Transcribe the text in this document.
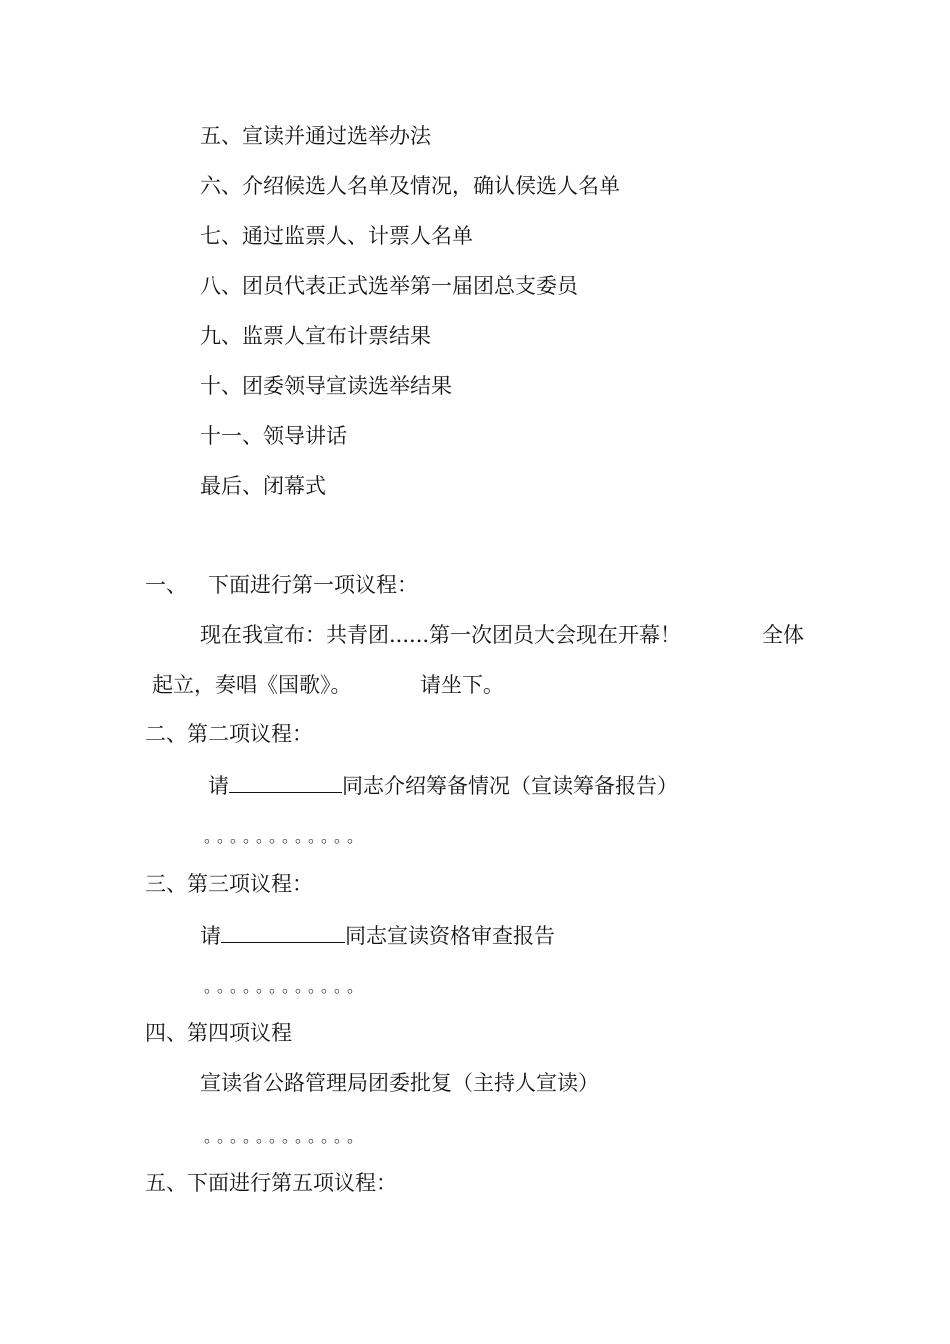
五、宣读并通过选举办法
六、介绍候选人名单及情况，确认侯选人名单
七、通过监票人、计票人名单
八、团员代表正式选举第一届团总支委员
九、监票人宣布计票结果
十、团委领导宣读选举结果
十一、领导讲话
最后、闭幕式
一、 下面进行第一项议程：
现在我宣布：共青团......第一次团员大会现在开幕！	全体
起立，奏唱《国歌》。	请坐下。
二、第二项议程：
请	同志介绍筹备情况（宣读筹备报告）
。。。。。。。。。。。。
三、第三项议程：
请	同志宣读资格审查报告
。。。。。。。。。。。。
四、第四项议程
宣读省公路管理局团委批复（主持人宣读）
。。。。。。。。。。。。
五、下面进行第五项议程：
